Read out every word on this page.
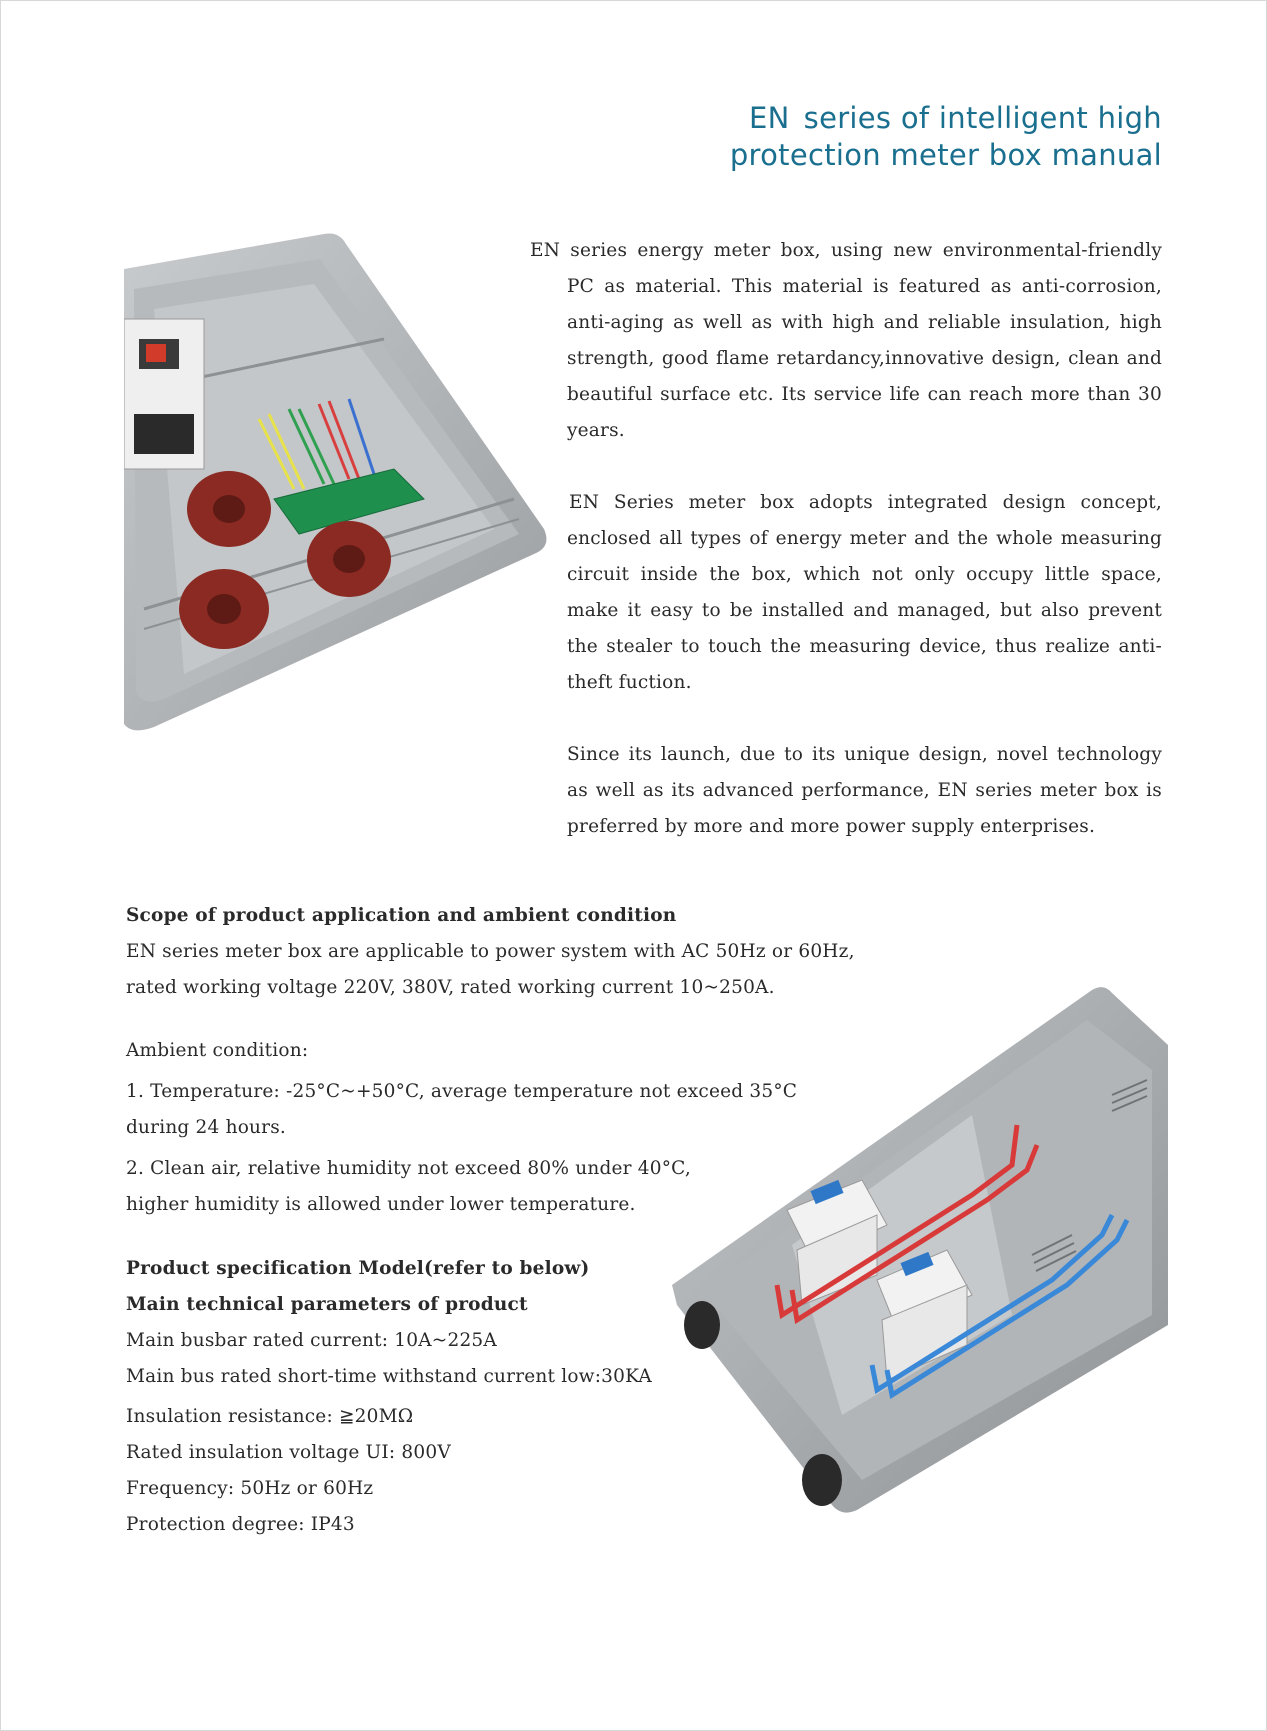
EN series of intelligent high
protection meter box manual

EN series energy meter box, using new environmental-friendly PC as material. This material is featured as anti-corrosion, anti-aging as well as with high and reliable insulation, high strength, good flame retardancy,innovative design, clean and beautiful surface etc. Its service life can reach more than 30 years.

EN Series meter box adopts integrated design concept, enclosed all types of energy meter and the whole measuring circuit inside the box, which not only occupy little space, make it easy to be installed and managed, but also prevent the stealer to touch the measuring device, thus realize anti-theft fuction.

Since its launch, due to its unique design, novel technology as well as its advanced performance, EN series meter box is preferred by more and more power supply enterprises.

Scope of product application and ambient condition
EN series meter box are applicable to power system with AC 50Hz or 60Hz,
rated working voltage 220V, 380V, rated working current 10~250A.
Ambient condition:
1. Temperature: -25°C~+50°C, average temperature not exceed 35°C
during 24 hours.
2. Clean air, relative humidity not exceed 80% under 40°C,
higher humidity is allowed under lower temperature.
Product specification Model(refer to below)
Main technical parameters of product
Main busbar rated current: 10A~225A
Main bus rated short-time withstand current low:30KA
Insulation resistance: ≧20MΩ
Rated insulation voltage UI: 800V
Frequency: 50Hz or 60Hz
Protection degree: IP43
